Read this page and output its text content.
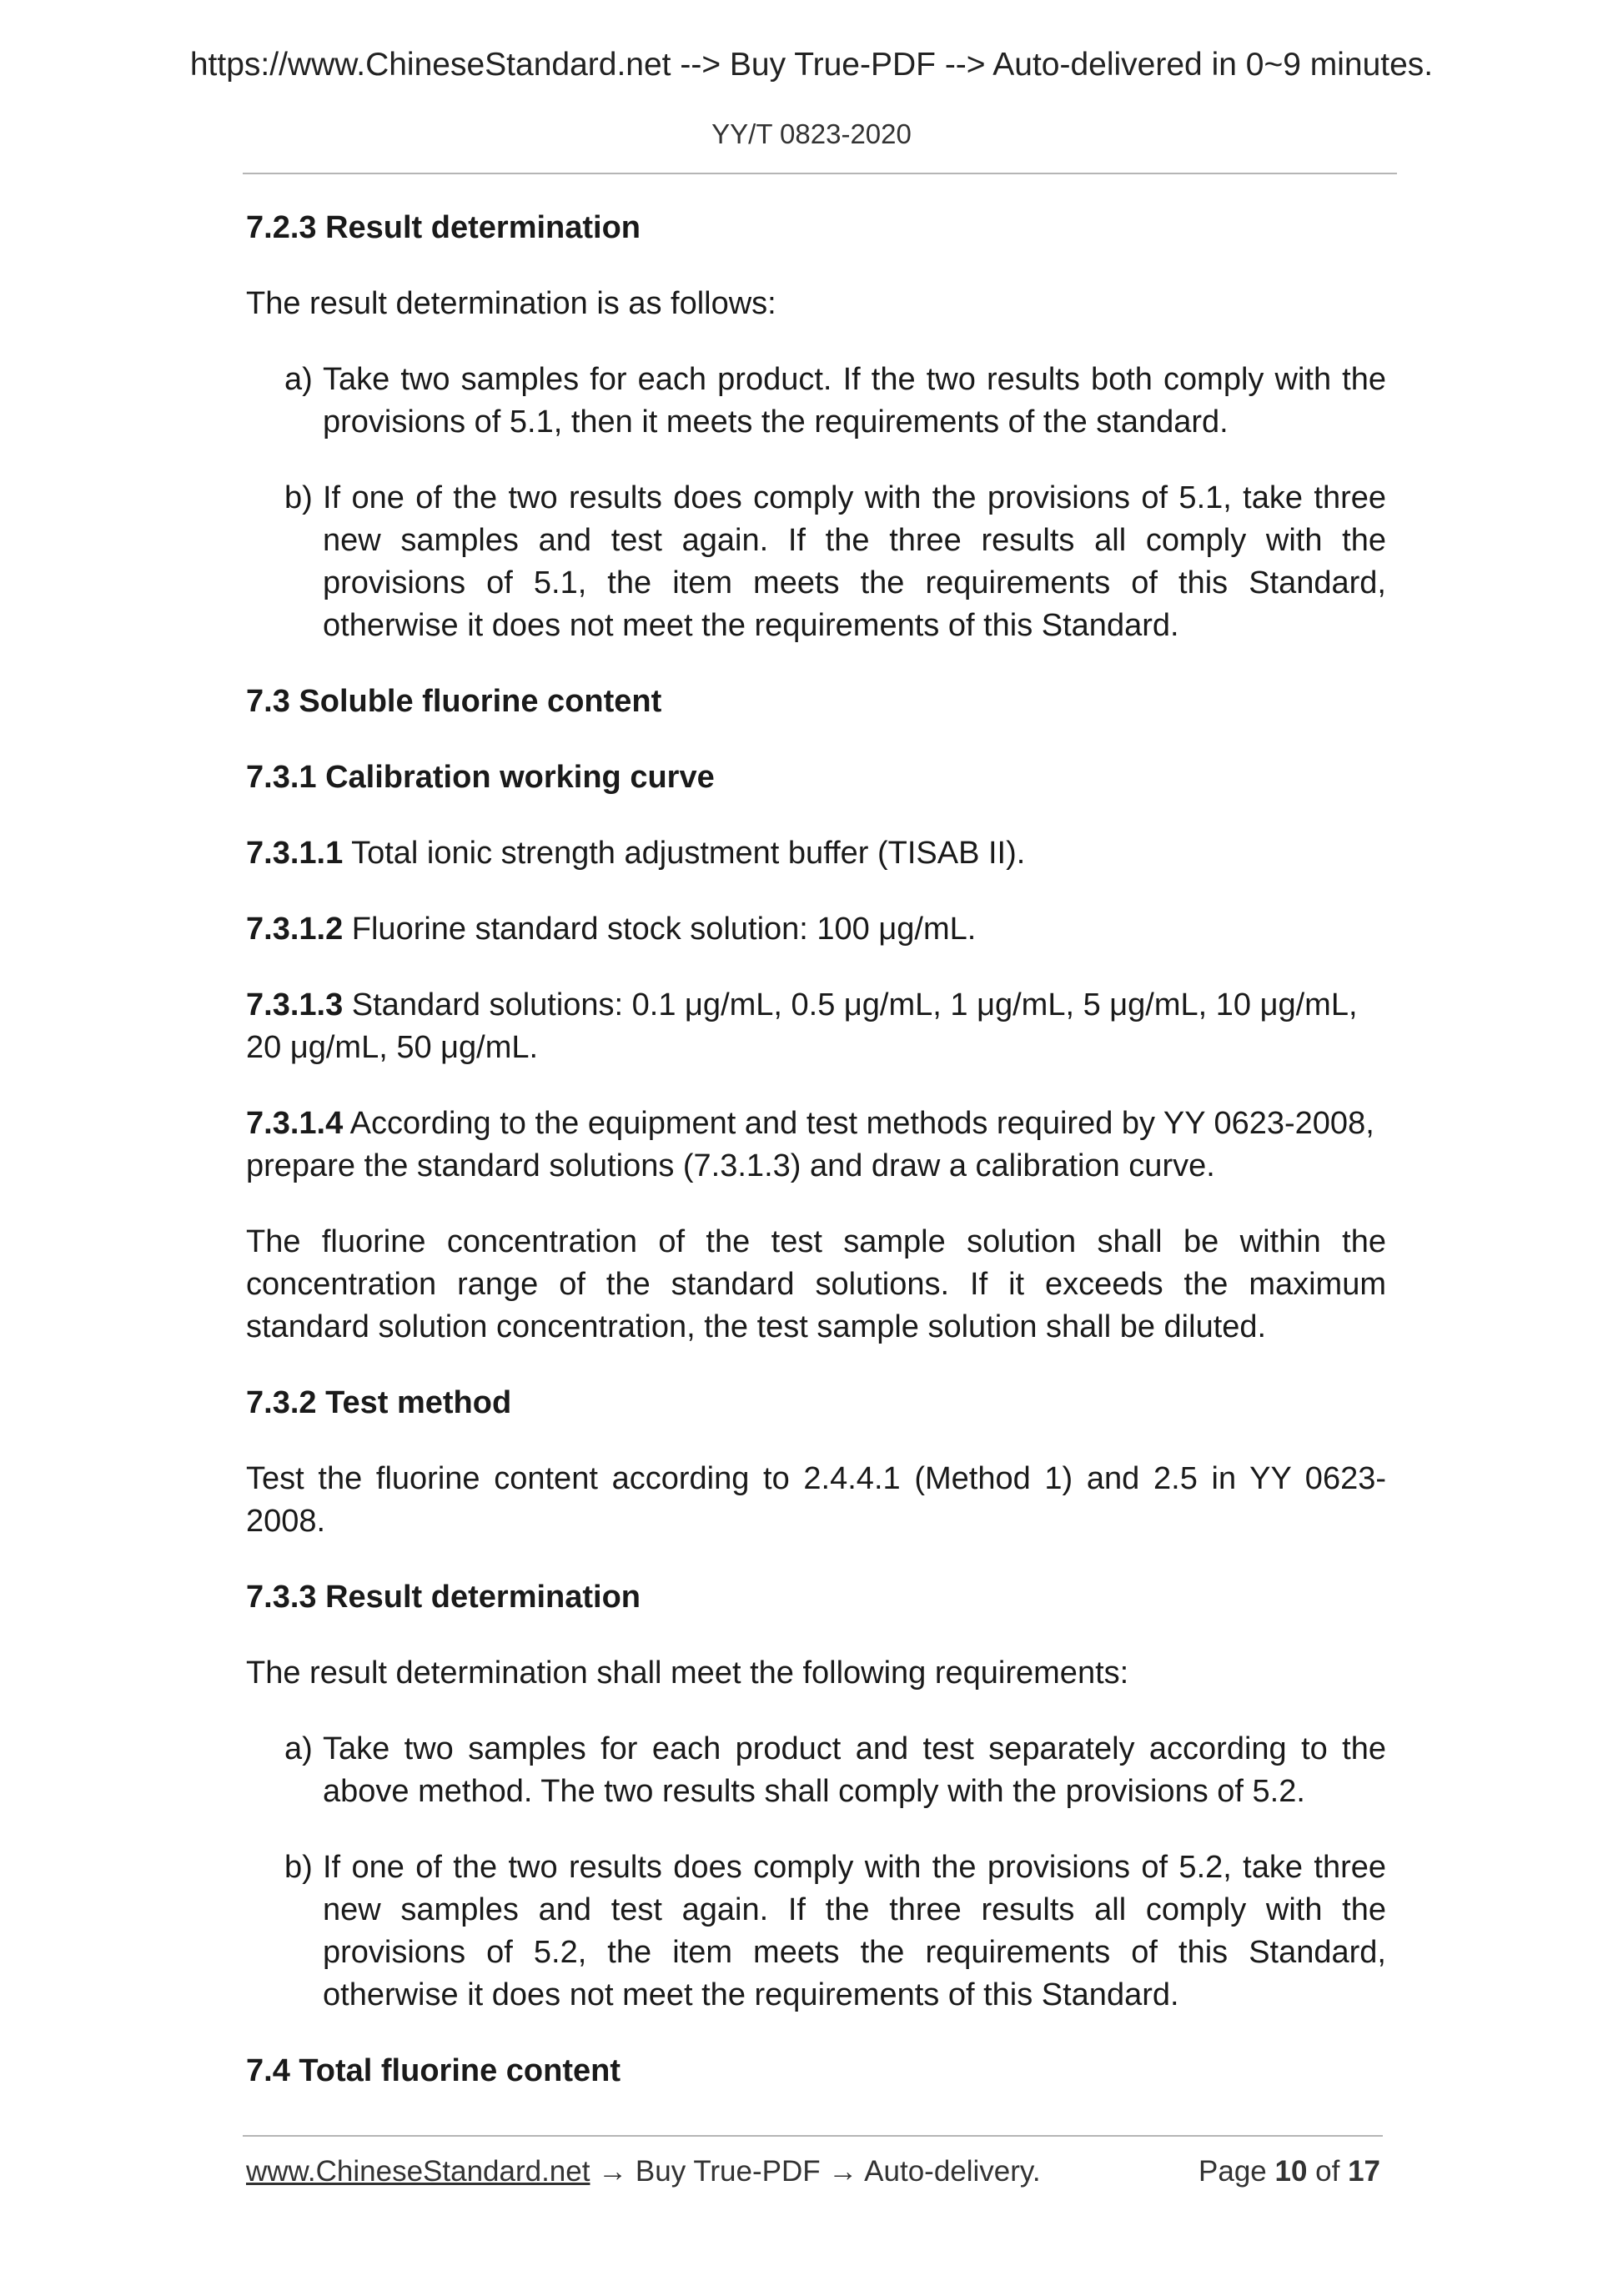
https://www.ChineseStandard.net --> Buy True-PDF --> Auto-delivered in 0~9 minutes.
YY/T 0823-2020

7.2.3 Result determination

The result determination is as follows:

a) Take two samples for each product. If the two results both comply with the provisions of 5.1, then it meets the requirements of the standard.
b) If one of the two results does comply with the provisions of 5.1, take three new samples and test again. If the three results all comply with the provisions of 5.1, the item meets the requirements of this Standard, otherwise it does not meet the requirements of this Standard.

7.3 Soluble fluorine content

7.3.1 Calibration working curve

7.3.1.1 Total ionic strength adjustment buffer (TISAB II).

7.3.1.2 Fluorine standard stock solution: 100 μg/mL.

7.3.1.3 Standard solutions: 0.1 μg/mL, 0.5 μg/mL, 1 μg/mL, 5 μg/mL, 10 μg/mL, 20 μg/mL, 50 μg/mL.

7.3.1.4 According to the equipment and test methods required by YY 0623-2008, prepare the standard solutions (7.3.1.3) and draw a calibration curve.

The fluorine concentration of the test sample solution shall be within the concentration range of the standard solutions. If it exceeds the maximum standard solution concentration, the test sample solution shall be diluted.

7.3.2 Test method

Test the fluorine content according to 2.4.4.1 (Method 1) and 2.5 in YY 0623-2008.

7.3.3 Result determination

The result determination shall meet the following requirements:

a) Take two samples for each product and test separately according to the above method. The two results shall comply with the provisions of 5.2.
b) If one of the two results does comply with the provisions of 5.2, take three new samples and test again. If the three results all comply with the provisions of 5.2, the item meets the requirements of this Standard, otherwise it does not meet the requirements of this Standard.

7.4 Total fluorine content

www.ChineseStandard.net → Buy True-PDF → Auto-delivery.	Page 10 of 17
